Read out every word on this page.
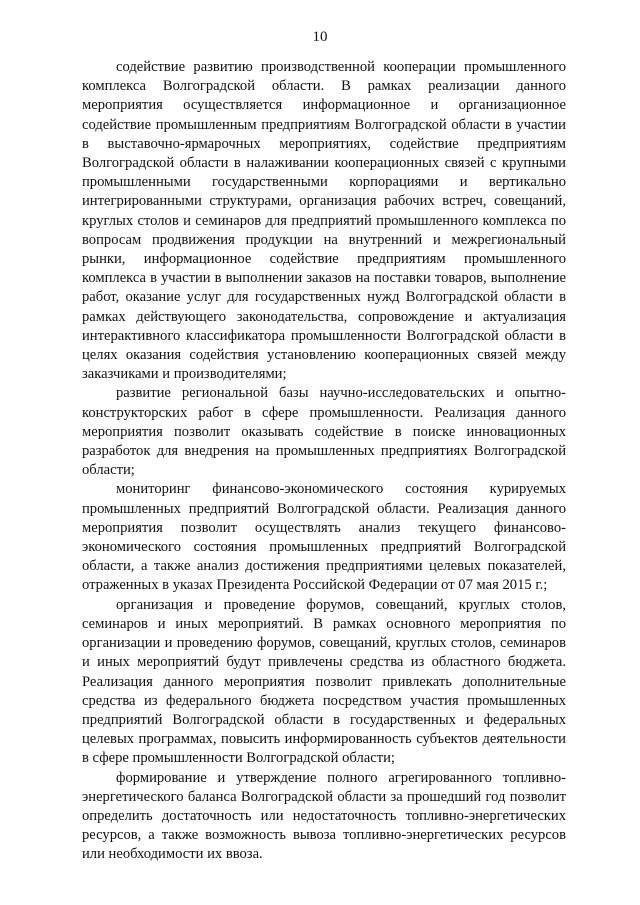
10

содействие развитию производственной кооперации промышленного комплекса Волгоградской области. В рамках реализации данного мероприятия осуществляется информационное и организационное содействие промышленным предприятиям Волгоградской области в участии в выставочно-ярмарочных мероприятиях, содействие предприятиям Волгоградской области в налаживании кооперационных связей с крупными промышленными государственными корпорациями и вертикально интегрированными структурами, организация рабочих встреч, совещаний, круглых столов и семинаров для предприятий промышленного комплекса по вопросам продвижения продукции на внутренний и межрегиональный рынки, информационное содействие предприятиям промышленного комплекса в участии в выполнении заказов на поставки товаров, выполнение работ, оказание услуг для государственных нужд Волгоградской области в рамках действующего законодательства, сопровождение и актуализация интерактивного классификатора промышленности Волгоградской области в целях оказания содействия установлению кооперационных связей между заказчиками и производителями;

развитие региональной базы научно-исследовательских и опытно-конструкторских работ в сфере промышленности. Реализация данного мероприятия позволит оказывать содействие в поиске инновационных разработок для внедрения на промышленных предприятиях Волгоградской области;

мониторинг финансово-экономического состояния курируемых промышленных предприятий Волгоградской области. Реализация данного мероприятия позволит осуществлять анализ текущего финансово-экономического состояния промышленных предприятий Волгоградской области, а также анализ достижения предприятиями целевых показателей, отраженных в указах Президента Российской Федерации от 07 мая 2015 г.;

организация и проведение форумов, совещаний, круглых столов, семинаров и иных мероприятий. В рамках основного мероприятия по организации и проведению форумов, совещаний, круглых столов, семинаров и иных мероприятий будут привлечены средства из областного бюджета. Реализация данного мероприятия позволит привлекать дополнительные средства из федерального бюджета посредством участия промышленных предприятий Волгоградской области в государственных и федеральных целевых программах, повысить информированность субъектов деятельности в сфере промышленности Волгоградской области;

формирование и утверждение полного агрегированного топливно-энергетического баланса Волгоградской области за прошедший год позволит определить достаточность или недостаточность топливно-энергетических ресурсов, а также возможность вывоза топливно-энергетических ресурсов или необходимости их ввоза.
